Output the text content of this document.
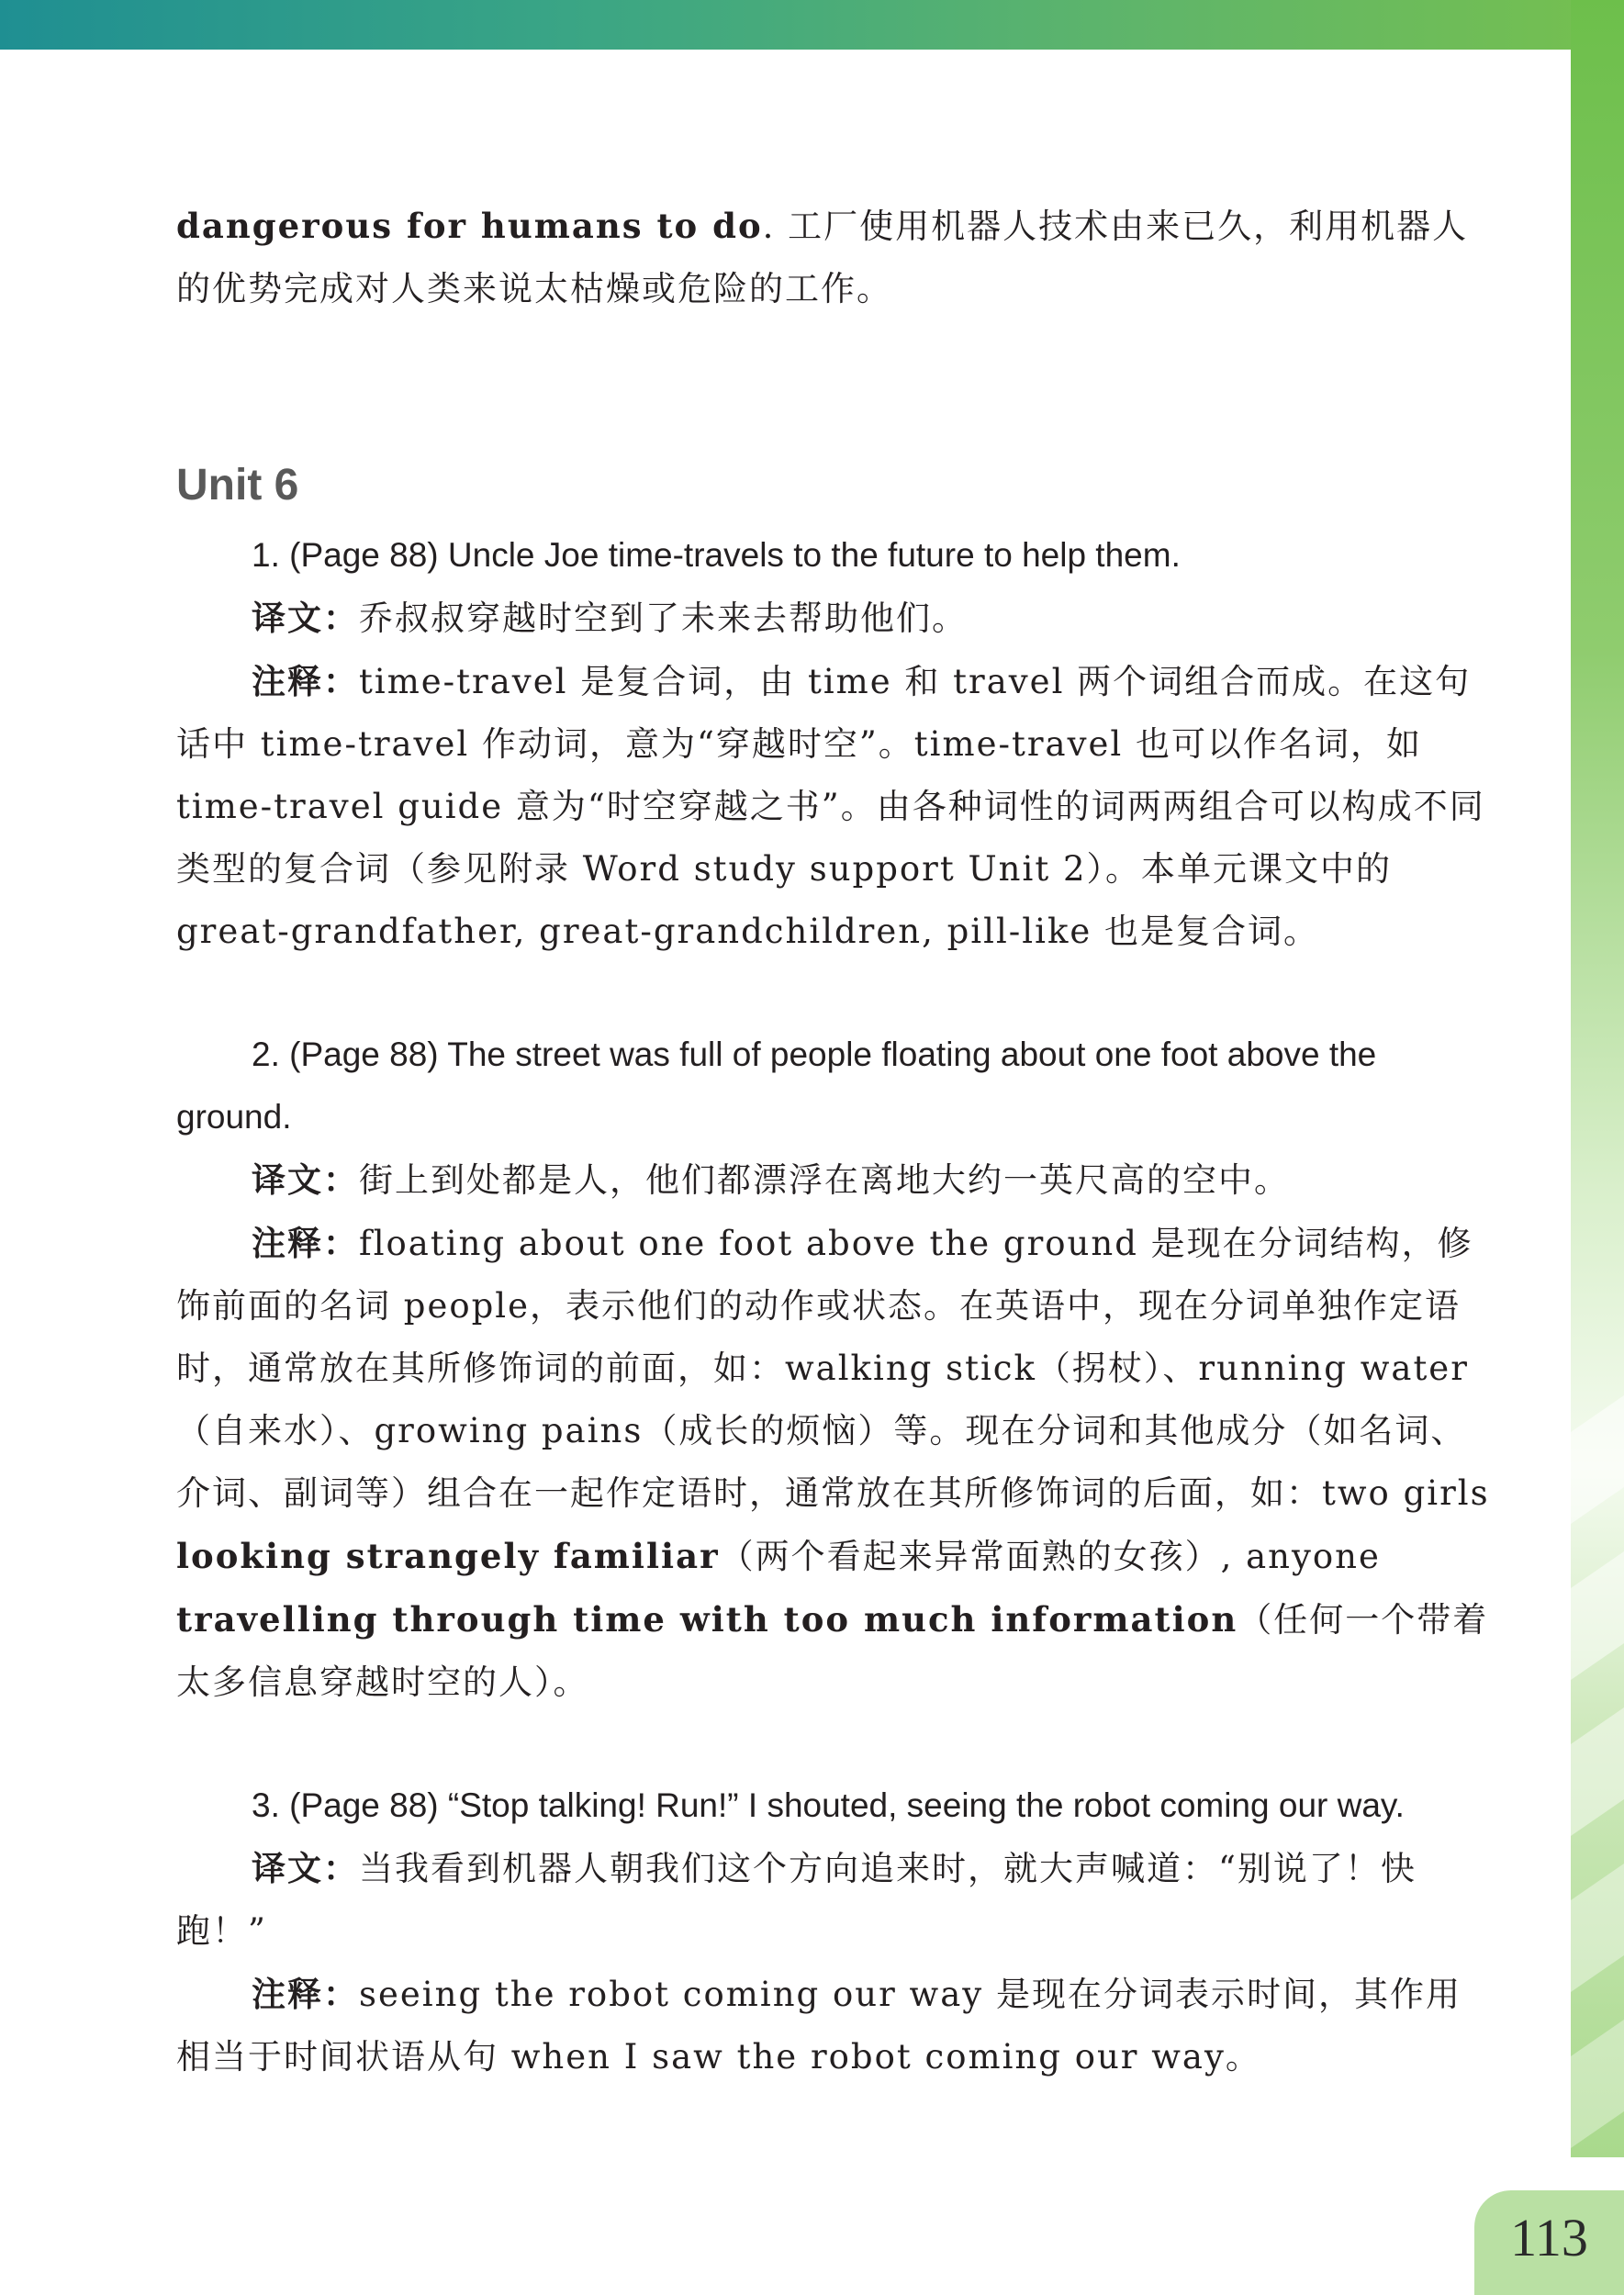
dangerous for humans to do. 工厂使用机器人技术由来已久，利用机器人的优势完成对人类来说太枯燥或危险的工作。

Unit 6

1. (Page 88) Uncle Joe time-travels to the future to help them.

译文：乔叔叔穿越时空到了未来去帮助他们。

注释：time-travel 是复合词，由 time 和 travel 两个词组合而成。在这句话中 time-travel 作动词，意为“穿越时空”。time-travel 也可以作名词，如 time-travel guide 意为“时空穿越之书”。由各种词性的词两两组合可以构成不同类型的复合词（参见附录 Word study support Unit 2）。本单元课文中的 great-grandfather, great-grandchildren, pill-like 也是复合词。

2. (Page 88) The street was full of people floating about one foot above the ground.

译文：街上到处都是人，他们都漂浮在离地大约一英尺高的空中。

注释：floating about one foot above the ground 是现在分词结构，修饰前面的名词 people，表示他们的动作或状态。在英语中，现在分词单独作定语时，通常放在其所修饰词的前面，如：walking stick（拐杖）、running water（自来水）、growing pains（成长的烦恼）等。现在分词和其他成分（如名词、介词、副词等）组合在一起作定语时，通常放在其所修饰词的后面，如：two girls looking strangely familiar（两个看起来异常面熟的女孩）, anyone travelling through time with too much information（任何一个带着太多信息穿越时空的人）。

3. (Page 88) “Stop talking! Run!” I shouted, seeing the robot coming our way.

译文：当我看到机器人朝我们这个方向追来时，就大声喊道：“别说了！快跑！”

注释：seeing the robot coming our way 是现在分词表示时间，其作用相当于时间状语从句 when I saw the robot coming our way。

113
